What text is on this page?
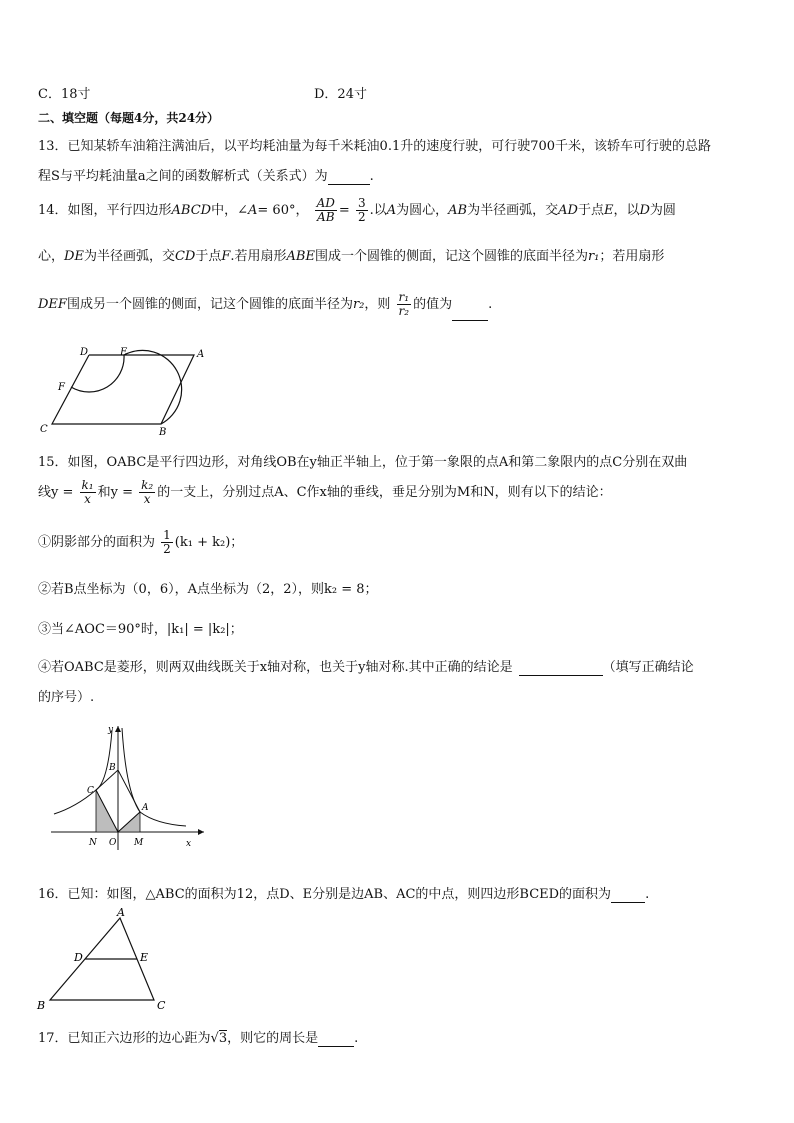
C．18寸	D．24寸
二、填空题（每题4分，共24分）
13．已知某轿车油箱注满油后，以平均耗油量为每千米耗油0.1升的速度行驶，可行驶700千米，该轿车可行驶的总路
程S与平均耗油量a之间的函数解析式（关系式）为	.
14．如图，平行四边形ABCD中，∠A= 60°， $\frac{AD}{AB} = \frac{3}{2}$ .以A为圆心，AB为半径画弧，交AD于点E，以D为圆
心，DE为半径画弧，交CD于点F.若用扇形ABE围成一个圆锥的侧面，记这个圆锥的底面半径为r₁；若用扇形
DEF围成另一个圆锥的侧面，记这个圆锥的底面半径为r₂，则 $\frac{\text{r₁}}{\text{r₂}}$ 的值为	.
D	E	A
F
C	B
15．如图，OABC是平行四边形，对角线OB在y轴正半轴上，位于第一象限的点A和第二象限内的点C分别在双曲
线$y = \frac{\text{k₁}}{x}$ 和$y = \frac{\text{k₂}}{x}$ 的一支上，分别过点A、C作x轴的垂线，垂足分别为M和N，则有以下的结论：
①阴影部分的面积为 $\frac{1}{2} (k_1 + k_2)$；
②若B点坐标为（0，6），A点坐标为（2，2），则k₂ = 8；
③当∠AOC＝90°时，|k₁| = |k₂|；
④若OABC是菱形，则两双曲线既关于x轴对称，也关于y轴对称.其中正确的结论是	（填写正确结论
的序号）.
y
B
C
A
N O M	x
16．已知：如图，△ABC的面积为12，点D、E分别是边AB、AC的中点，则四边形BCED的面积为	.
A
D	E
B	C
17．已知正六边形的边心距为√3，则它的周长是	.
